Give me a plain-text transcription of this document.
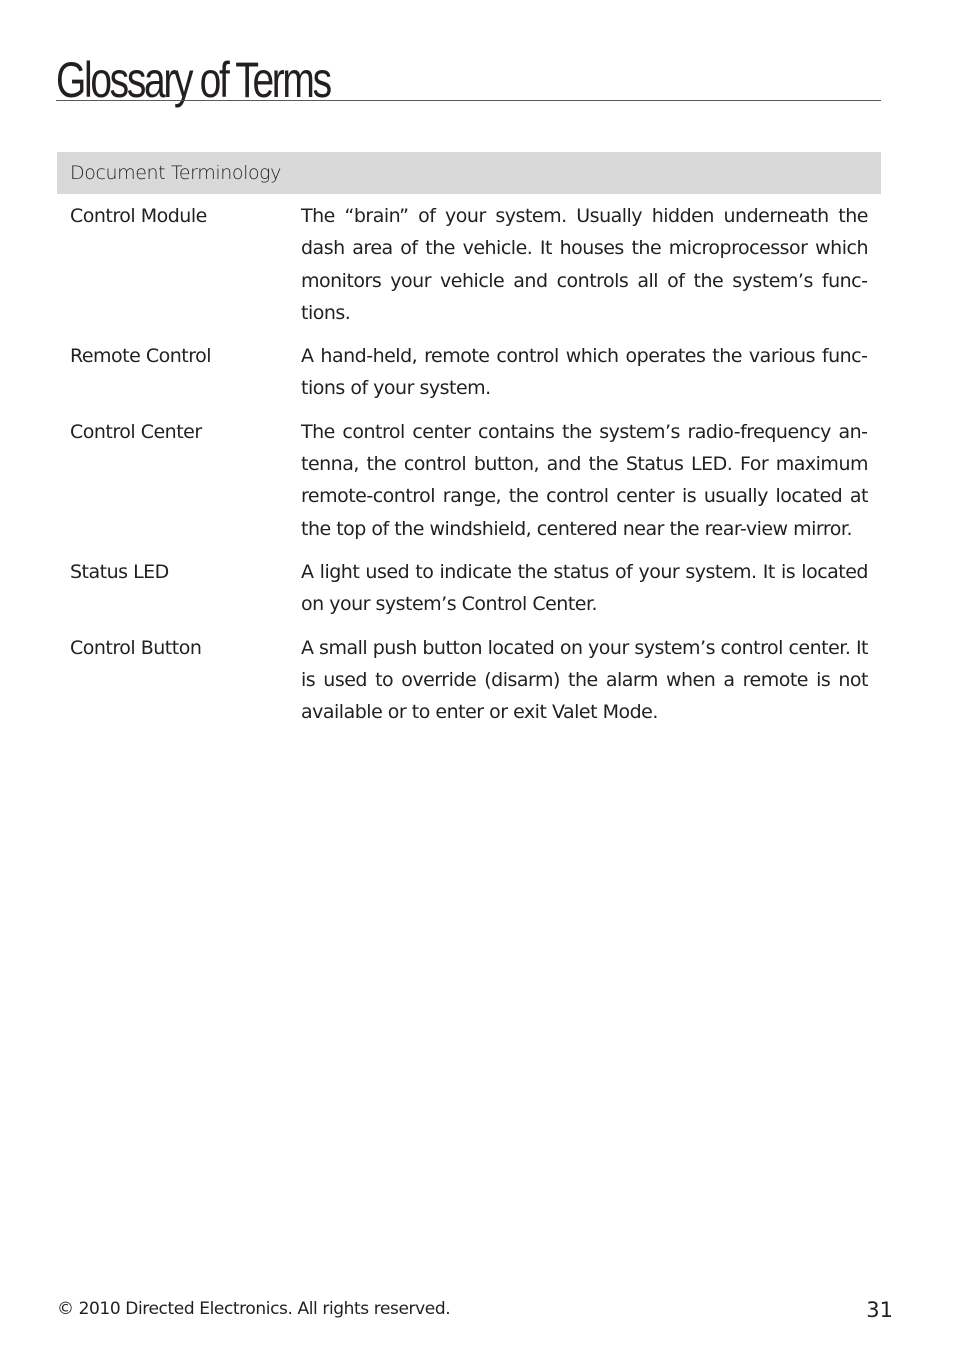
Glossary of Terms
Document Terminology
Control Module	The “brain” of your system. Usually hidden underneath the dash area of the vehicle. It houses the microprocessor which monitors your vehicle and controls all of the system’s functions.
Remote Control	A hand-held, remote control which operates the various functions of your system.
Control Center	The control center contains the system’s radio-frequency antenna, the control button, and the Status LED. For maximum remote-control range, the control center is usually located at the top of the windshield, centered near the rear-view mirror.
Status LED	A light used to indicate the status of your system. It is located on your system’s Control Center.
Control Button	A small push button located on your system’s control center. It is used to override (disarm) the alarm when a remote is not available or to enter or exit Valet Mode.
© 2010 Directed Electronics. All rights reserved.	31
